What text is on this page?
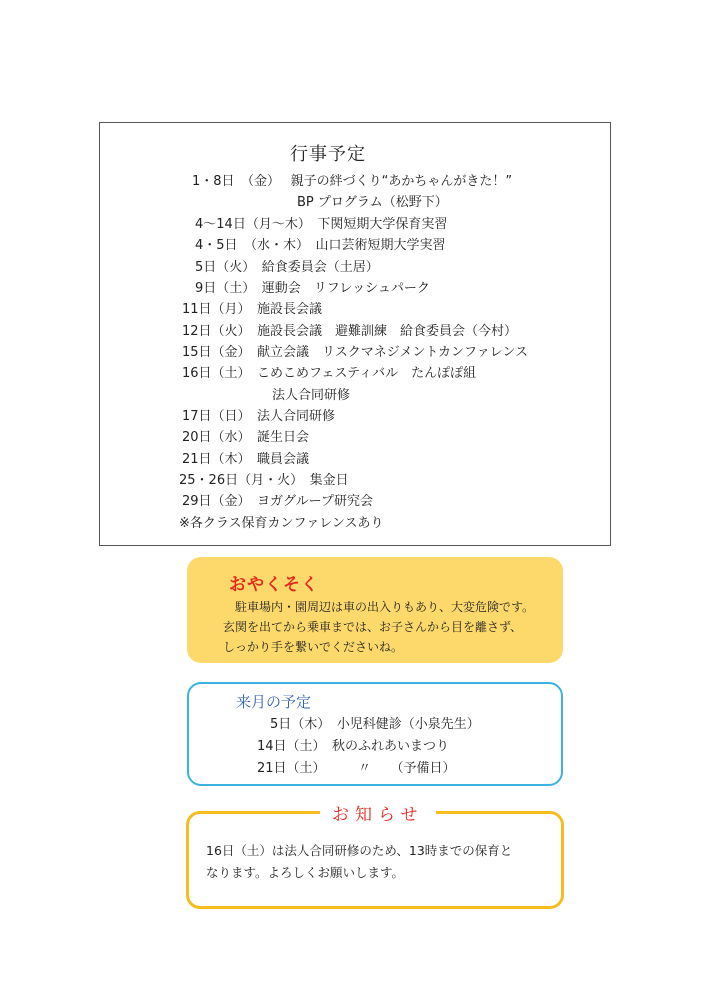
行事予定
1・8日　（金）　 親子の絆づくり“あかちゃんがきた！”
BP プログラム（松野下）
4～14日（月～木）　下関短期大学保育実習
4・5日　（水・木）　山口芸術短期大学実習
5日（火）　給食委員会（土居）
9日（土）　運動会　リフレッシュパーク
11日（月）　施設長会議
12日（火）　施設長会議　避難訓練　給食委員会（今村）
15日（金）　献立会議　リスクマネジメントカンファレンス
16日（土）　こめこめフェスティバル　たんぽぽ組
法人合同研修
17日（日）　法人合同研修
20日（水）　誕生日会
21日（木）　職員会議
25・26日（月・火）　集金日
29日（金）　ヨガグループ研究会
※各クラス保育カンファレンスあり
おやくそく
　駐車場内・園周辺は車の出入りもあり、大変危険です。
玄関を出てから乗車までは、お子さんから目を離さず、
しっかり手を繋いでくださいね。
来月の予定
5日（木）　小児科健診（小泉先生）
14日（土）　秋のふれあいまつり
21日（土）　　　〃　　（予備日）
お知らせ
16日（土）は法人合同研修のため、13時までの保育と
なります。よろしくお願いします。
